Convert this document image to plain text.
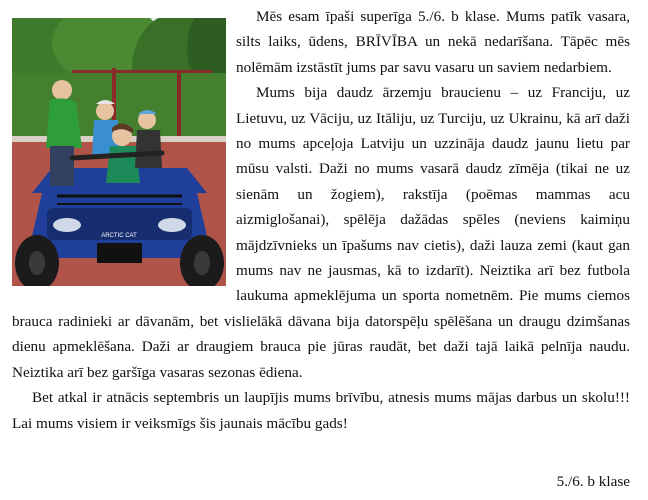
ARCTIC CAT

Mēs esam īpaši superīga 5./6. b klase. Mums patīk vasara, silts laiks, ūdens, BRĪVĪBA un nekā nedarīšana. Tāpēc mēs nolēmām izstāstīt jums par savu vasaru un saviem nedarbiem.

Mums bija daudz ārzemju braucienu – uz Franciju, uz Lietuvu, uz Vāciju, uz Itāliju, uz Turciju, uz Ukrainu, kā arī daži no mums apceļoja Latviju un uzzināja daudz jaunu lietu par mūsu valsti. Daži no mums vasarā daudz zīmēja (tikai ne uz sienām un žogiem), rakstīja (poēmas mammas acu aizmiglošanai), spēlēja dažādas spēles (neviens kaimiņu mājdzīvnieks un īpašums nav cietis), daži lauza zemi (kaut gan mums nav ne jausmas, kā to izdarīt). Neiztika arī bez futbola laukuma apmeklējuma un sporta nometnēm. Pie mums ciemos brauca radinieki ar dāvanām, bet vislielākā dāvana bija datorspēļu spēlēšana un draugu dzimšanas dienu apmeklēšana. Daži ar draugiem brauca pie jūras raudāt, bet daži tajā laikā pelnīja naudu. Neiztika arī bez garšīga vasaras sezonas ēdiena.

Bet atkal ir atnācis septembris un laupījis mums brīvību, atnesis mums mājas darbus un skolu!!! Lai mums visiem ir veiksmīgs šis jaunais mācību gads!

5./6. b klase
